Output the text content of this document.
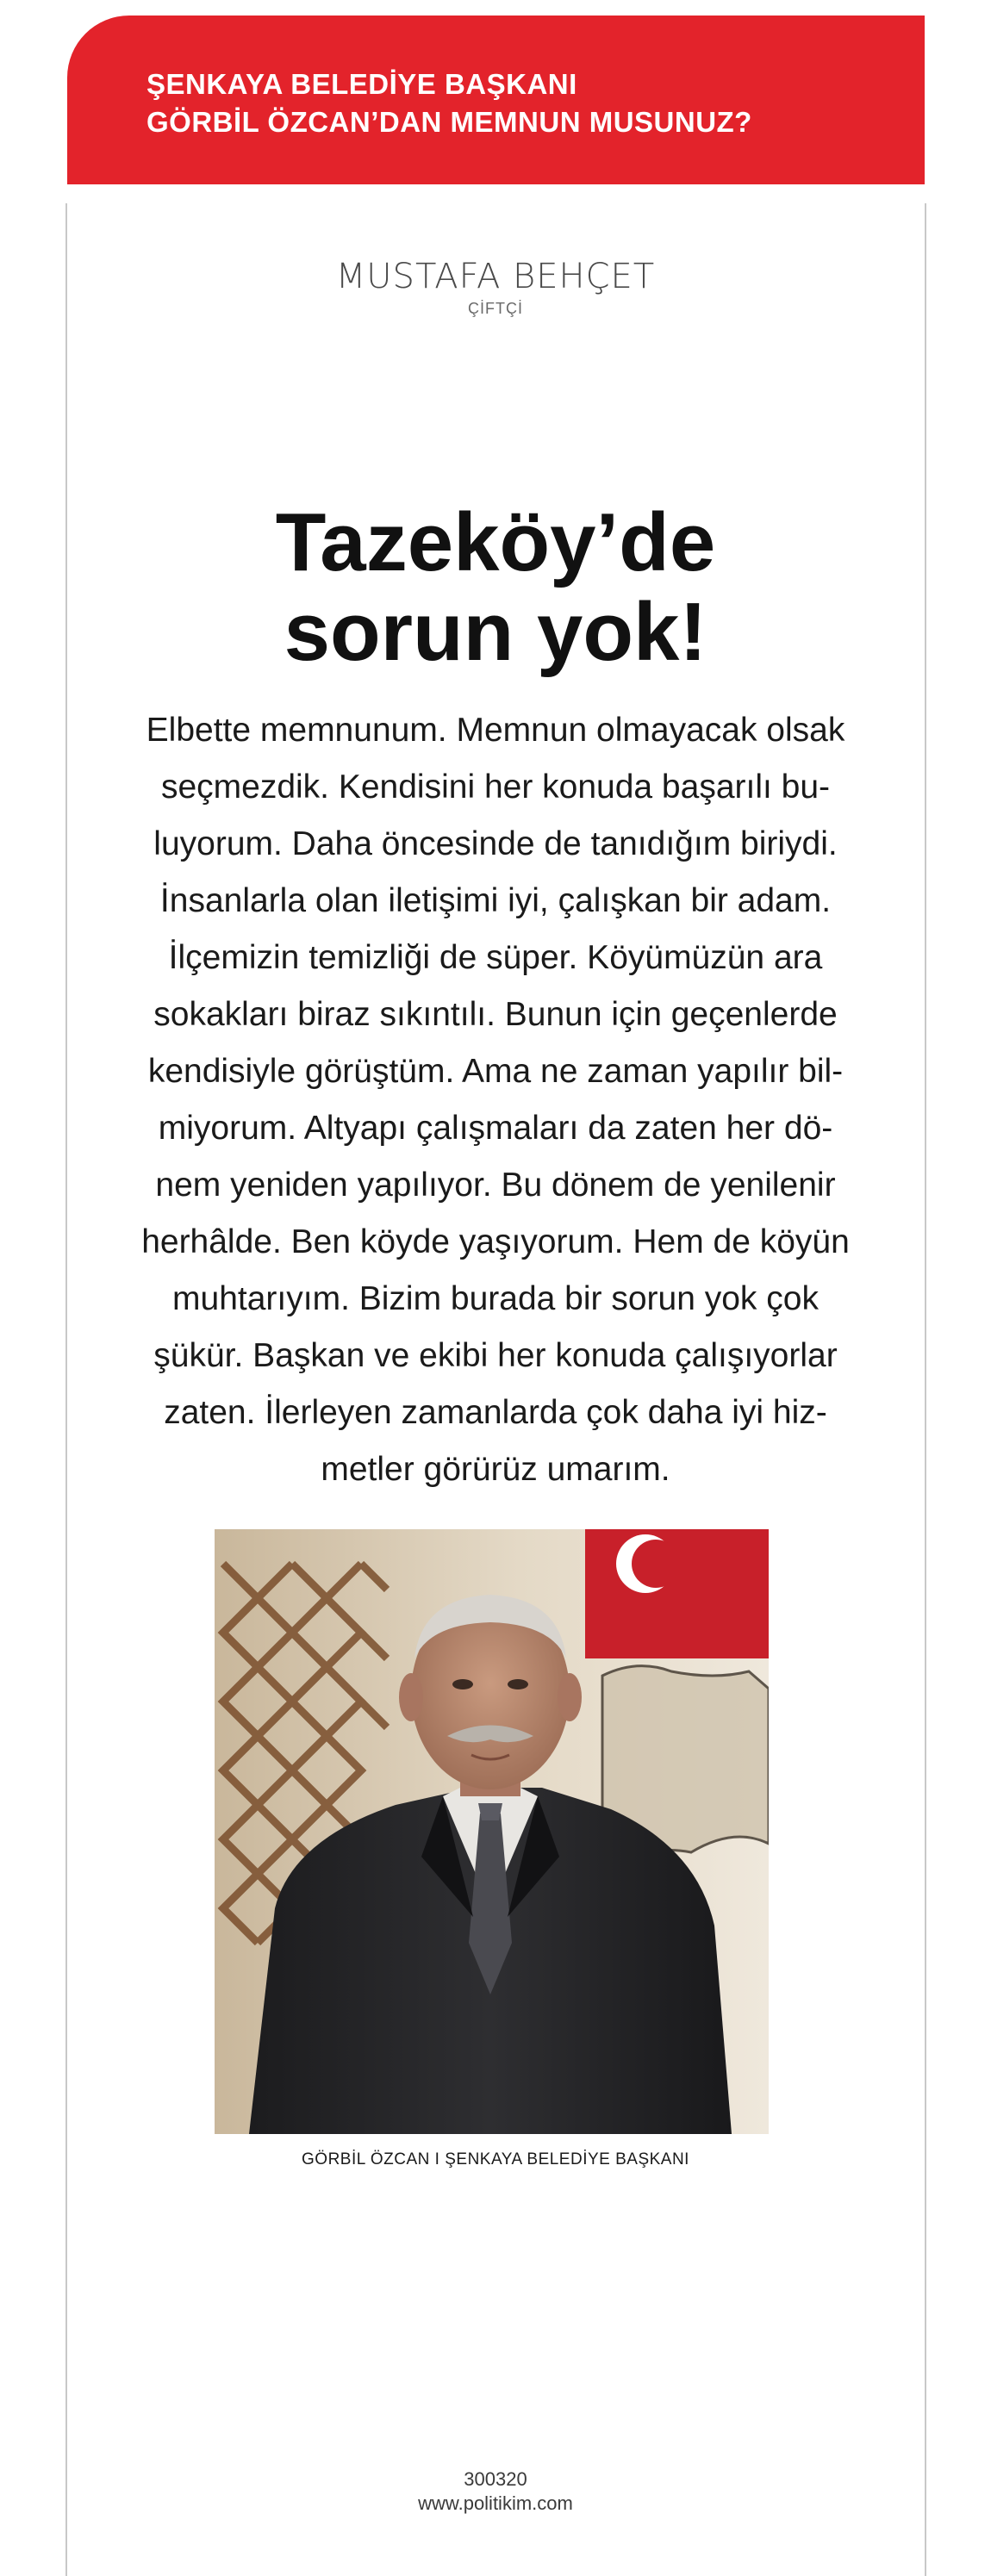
ŞENKAYA BELEDİYE BAŞKANI
GÖRBİL ÖZCAN’DAN MEMNUN MUSUNUZ?
MUSTAFA BEHÇET
ÇİFTÇİ
Tazeköy’de
sorun yok!
Elbette memnunum. Memnun olmayacak olsak
seçmezdik. Kendisini her konuda başarılı bu-
luyorum. Daha öncesinde de tanıdığım biriydi.
İnsanlarla olan iletişimi iyi, çalışkan bir adam.
İlçemizin temizliği de süper. Köyümüzün ara
sokakları biraz sıkıntılı. Bunun için geçenlerde
kendisiyle görüştüm. Ama ne zaman yapılır bil-
miyorum. Altyapı çalışmaları da zaten her dö-
nem yeniden yapılıyor. Bu dönem de yenilenir
herhâlde. Ben köyde yaşıyorum. Hem de köyün
muhtarıyım. Bizim burada bir sorun yok çok
şükür. Başkan ve ekibi her konuda çalışıyorlar
zaten. İlerleyen zamanlarda çok daha iyi hiz-
metler görürüz umarım.
GÖRBİL ÖZCAN I ŞENKAYA BELEDİYE BAŞKANI
300320
www.politikim.com
